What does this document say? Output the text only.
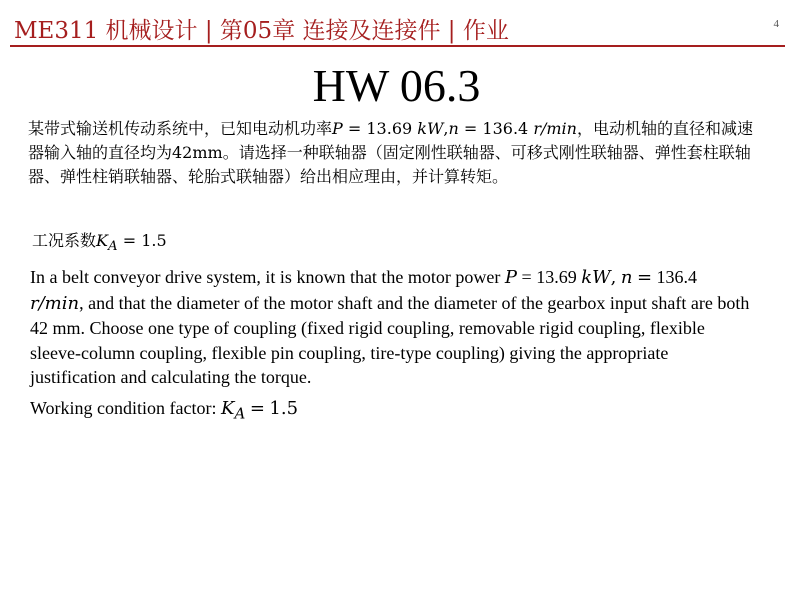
ME311 机械设计 | 第05章 连接及连接件 | 作业	4
HW 06.3
某带式输送机传动系统中，已知电动机功率P = 13.69 kW,n = 136.4 r/min，电动机轴的直径和减速器输入轴的直径均为42mm。请选择一种联轴器（固定刚性联轴器、可移式刚性联轴器、弹性套柱联轴器、弹性柱销联轴器、轮胎式联轴器）给出相应理由，并计算转矩。
工况系数$K_A = 1.5$
In a belt conveyor drive system, it is known that the motor power P = 13.69 kW, n = 136.4 r/min, and that the diameter of the motor shaft and the diameter of the gearbox input shaft are both 42 mm. Choose one type of coupling (fixed rigid coupling, removable rigid coupling, flexible sleeve-column coupling, flexible pin coupling, tire-type coupling) giving the appropriate justification and calculating the torque.
Working condition factor: $K_A = 1.5$
